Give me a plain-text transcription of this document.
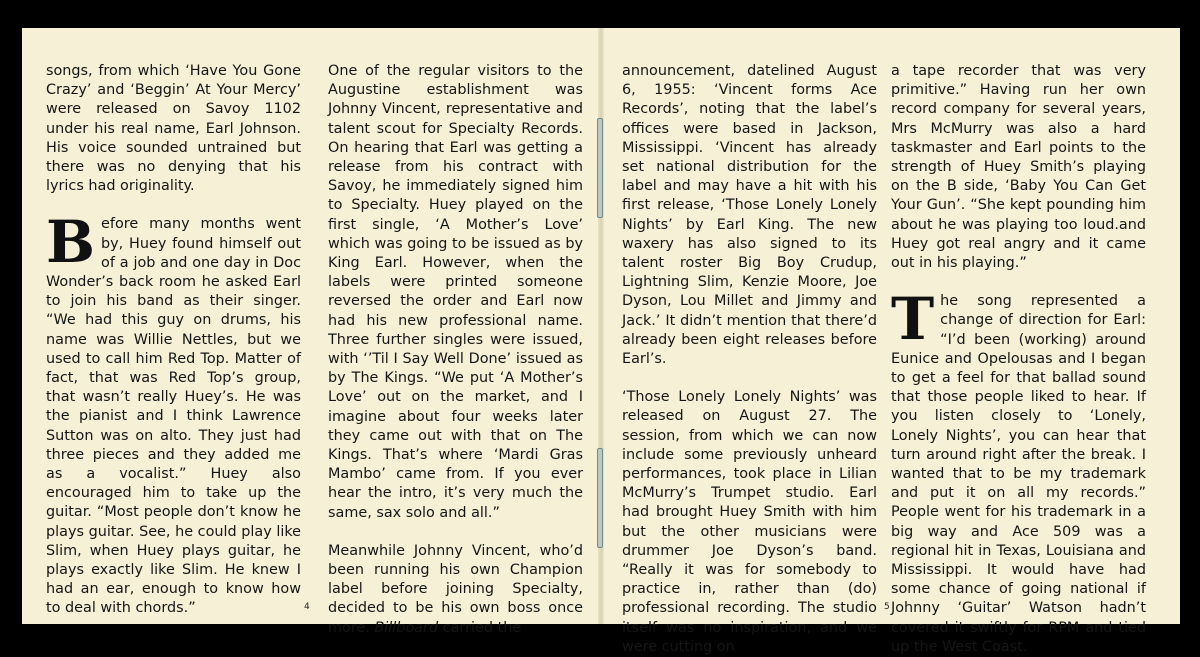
songs, from which ‘Have You Gone Crazy’ and ‘Beggin’ At Your Mercy’ were released on Savoy 1102 under his real name, Earl Johnson. His voice sounded untrained but there was no denying that his lyrics had originality.

Before many months went by, Huey found himself out of a job and one day in Doc Wonder’s back room he asked Earl to join his band as their singer. “We had this guy on drums, his name was Willie Nettles, but we used to call him Red Top. Matter of fact, that was Red Top’s group, that wasn’t really Huey’s. He was the pianist and I think Lawrence Sutton was on alto. They just had three pieces and they added me as a vocalist.” Huey also encouraged him to take up the guitar. “Most people don’t know he plays guitar. See, he could play like Slim, when Huey plays guitar, he plays exactly like Slim. He knew I had an ear, enough to know how to deal with chords.”

One of the regular visitors to the Augustine establishment was Johnny Vincent, representative and talent scout for Specialty Records. On hearing that Earl was getting a release from his contract with Savoy, he immediately signed him to Specialty. Huey played on the first single, ‘A Mother’s Love’ which was going to be issued as by King Earl. However, when the labels were printed someone reversed the order and Earl now had his new professional name. Three further singles were issued, with ‘’Til I Say Well Done’ issued as by The Kings. “We put ‘A Mother’s Love’ out on the market, and I imagine about four weeks later they came out with that on The Kings. That’s where ‘Mardi Gras Mambo’ came from. If you ever hear the intro, it’s very much the same, sax solo and all.”

Meanwhile Johnny Vincent, who’d been running his own Champion label before joining Specialty, decided to be his own boss once more. Billboard carried the

4

announcement, datelined August 6, 1955: ‘Vincent forms Ace Records’, noting that the label’s offices were based in Jackson, Mississippi. ‘Vincent has already set national distribution for the label and may have a hit with his first release, ‘Those Lonely Lonely Nights’ by Earl King. The new waxery has also signed to its talent roster Big Boy Crudup, Lightning Slim, Kenzie Moore, Joe Dyson, Lou Millet and Jimmy and Jack.’ It didn’t mention that there’d already been eight releases before Earl’s.

‘Those Lonely Lonely Nights’ was released on August 27. The session, from which we can now include some previously unheard performances, took place in Lilian McMurry’s Trumpet studio. Earl had brought Huey Smith with him but the other musicians were drummer Joe Dyson’s band. “Really it was for somebody to practice in, rather than (do) professional recording. The studio itself was no inspiration, and we were cutting on

a tape recorder that was very primitive.” Having run her own record company for several years, Mrs McMurry was also a hard taskmaster and Earl points to the strength of Huey Smith’s playing on the B side, ‘Baby You Can Get Your Gun’. “She kept pounding him about he was playing too loud.and Huey got real angry and it came out in his playing.”

The song represented a change of direction for Earl: “I’d been (working) around Eunice and Opelousas and I began to get a feel for that ballad sound that those people liked to hear. If you listen closely to ‘Lonely, Lonely Nights’, you can hear that turn around right after the break. I wanted that to be my trademark and put it on all my records.” People went for his trademark in a big way and Ace 509 was a regional hit in Texas, Louisiana and Mississippi. It would have had some chance of going national if Johnny ‘Guitar’ Watson hadn’t covered it swiftly for RPM and tied up the West Coast.

5
